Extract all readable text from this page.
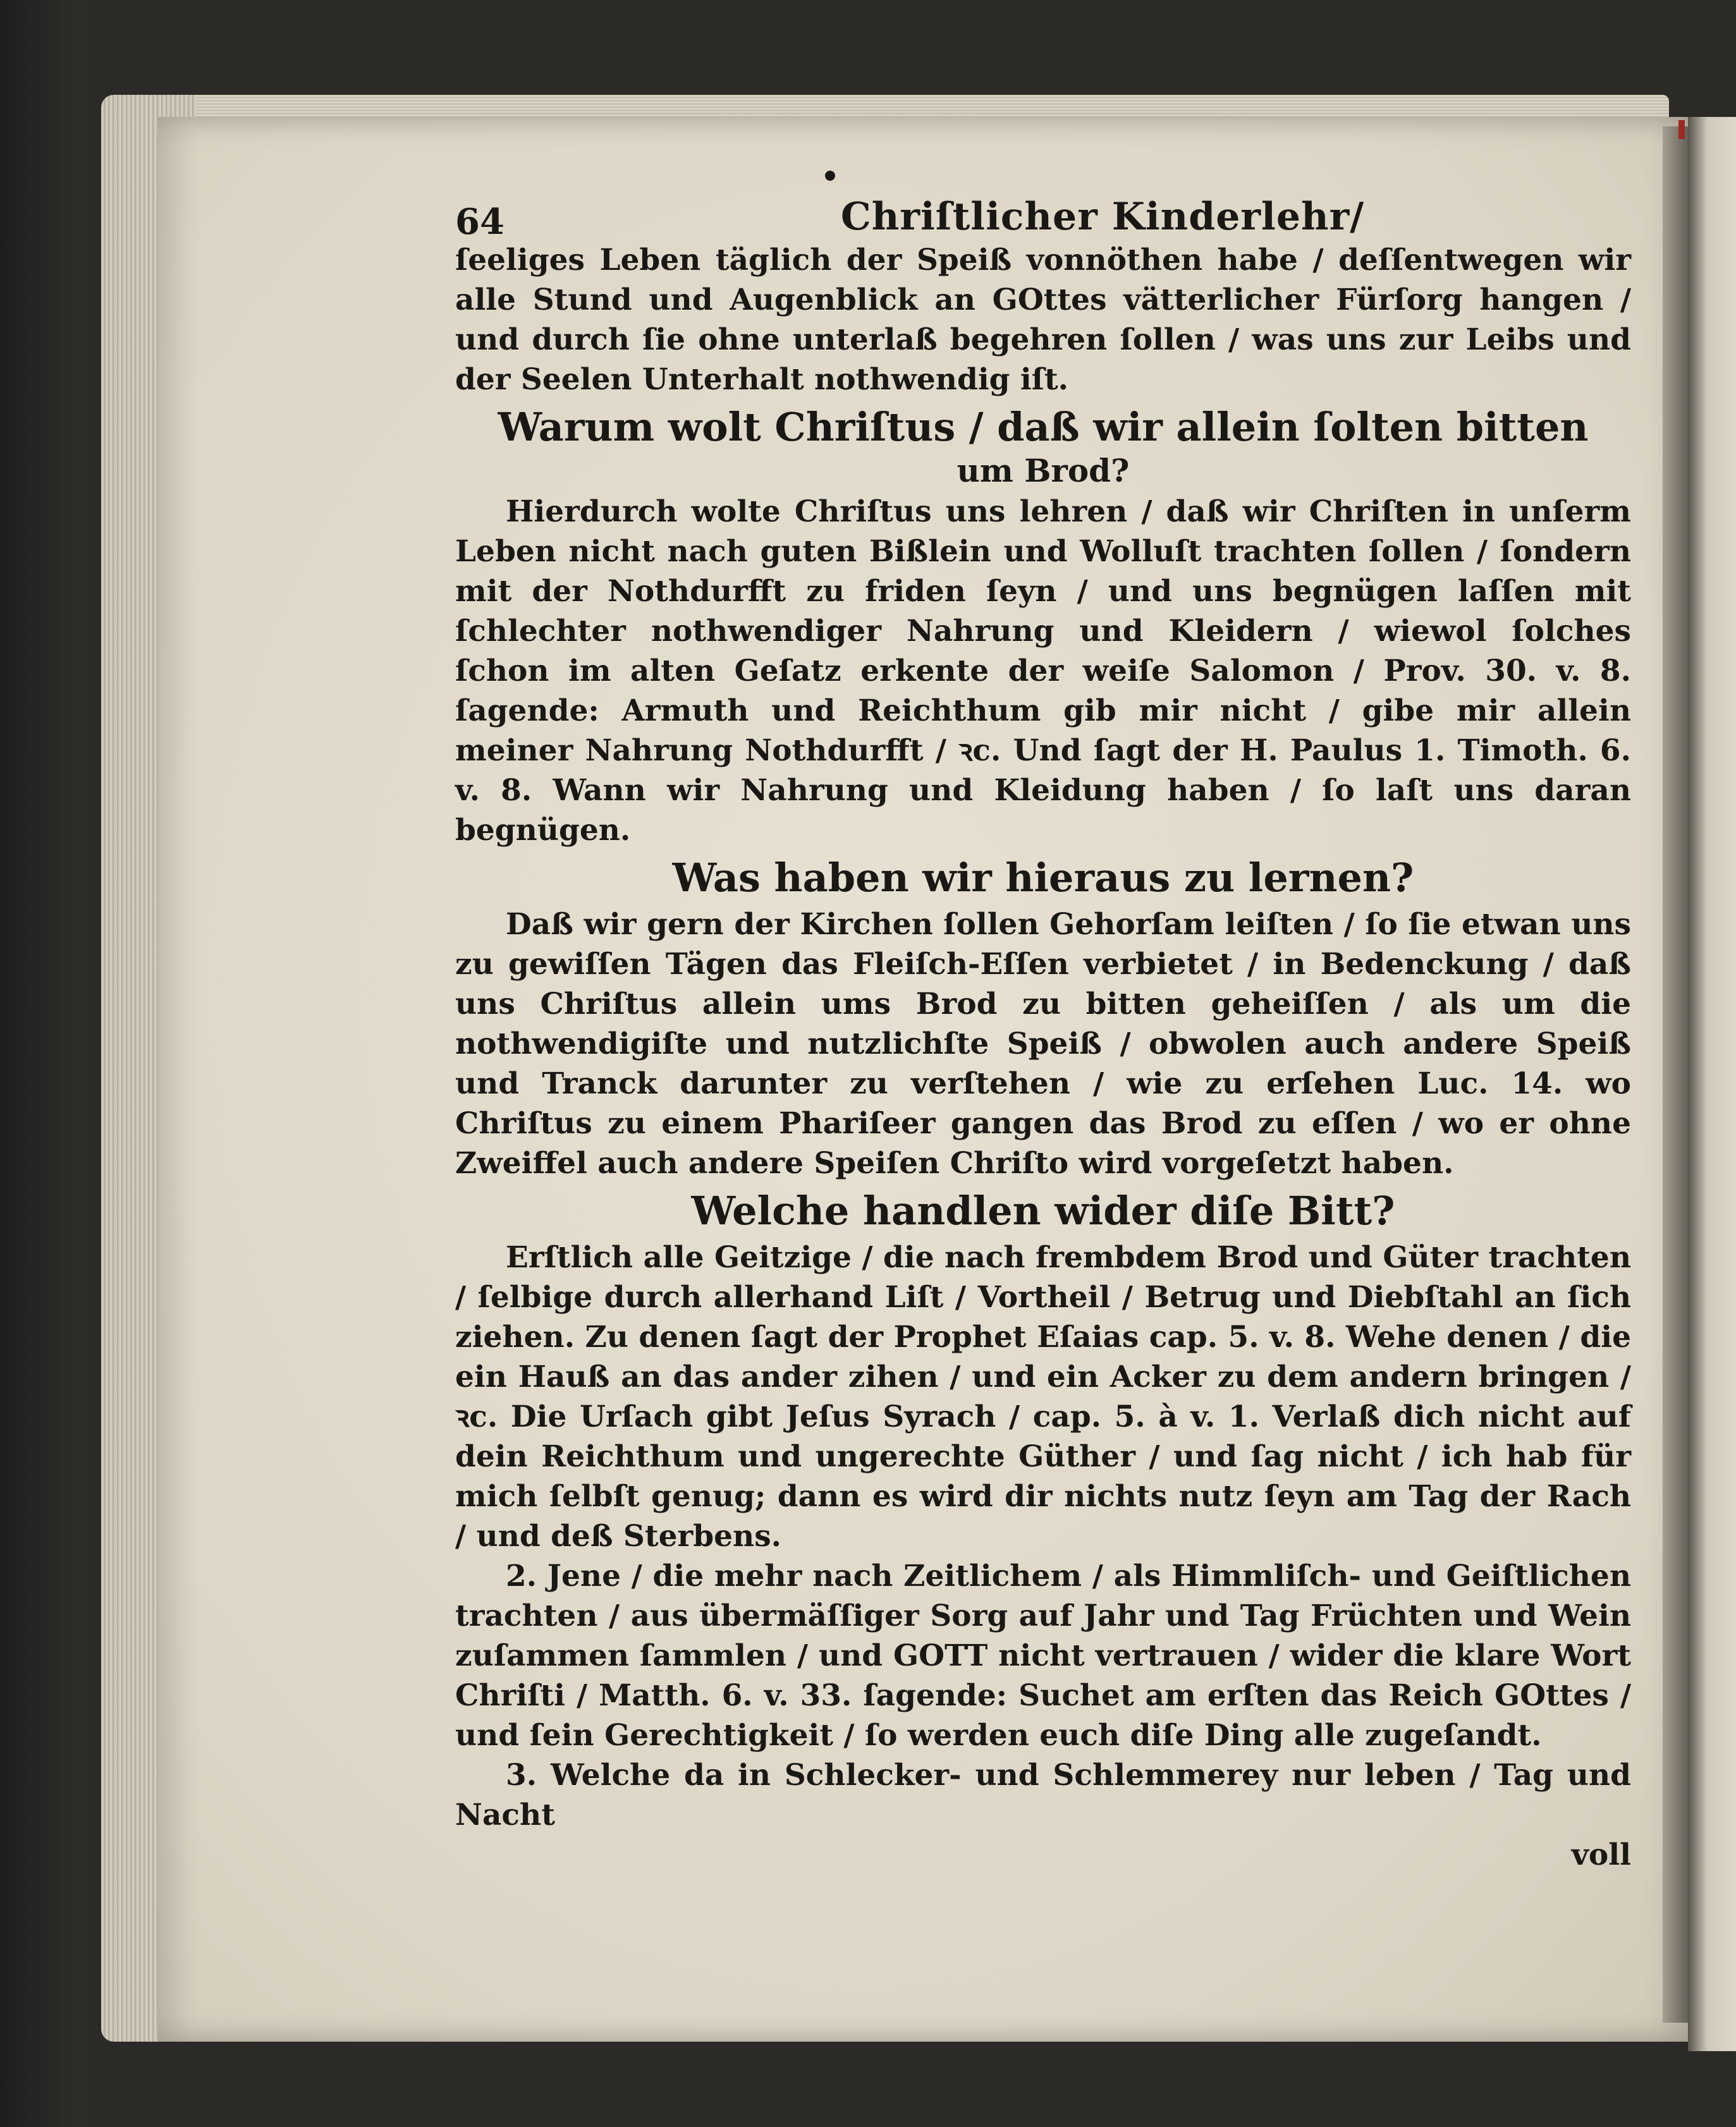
64	Chriſtlicher Kinderlehr/

ſeeliges Leben täglich der Speiß vonnöthen habe / deſſentwegen wir alle Stund und Augenblick an GOttes vätterlicher Fürſorg hangen / und durch ſie ohne unterlaß begehren ſollen / was uns zur Leibs und der Seelen Unterhalt nothwendig iſt.

Warum wolt Chriſtus / daß wir allein ſolten bitten
um Brod?

Hierdurch wolte Chriſtus uns lehren / daß wir Chriſten in unſerm Leben nicht nach guten Bißlein und Wolluſt trachten ſollen / ſondern mit der Nothdurfft zu friden ſeyn / und uns begnügen laſſen mit ſchlechter nothwendiger Nahrung und Kleidern / wiewol ſolches ſchon im alten Geſatz erkente der weiſe Salomon / Prov. 30. v. 8. ſagende: Armuth und Reichthum gib mir nicht / gibe mir allein meiner Nahrung Nothdurfft / ꝛc. Und ſagt der H. Paulus 1. Timoth. 6. v. 8. Wann wir Nahrung und Kleidung haben / ſo laſt uns daran begnügen.

Was haben wir hieraus zu lernen?

Daß wir gern der Kirchen ſollen Gehorſam leiſten / ſo ſie etwan uns zu gewiſſen Tägen das Fleiſch-Eſſen verbietet / in Bedenckung / daß uns Chriſtus allein ums Brod zu bitten geheiſſen / als um die nothwendigiſte und nutzlichſte Speiß / obwolen auch andere Speiß und Tranck darunter zu verſtehen / wie zu erſehen Luc. 14. wo Chriſtus zu einem Phariſeer gangen das Brod zu eſſen / wo er ohne Zweiffel auch andere Speiſen Chriſto wird vorgeſetzt haben.

Welche handlen wider diſe Bitt?

Erſtlich alle Geitzige / die nach frembdem Brod und Güter trachten / ſelbige durch allerhand Liſt / Vortheil / Betrug und Diebſtahl an ſich ziehen. Zu denen ſagt der Prophet Eſaias cap. 5. v. 8. Wehe denen / die ein Hauß an das ander zihen / und ein Acker zu dem andern bringen / ꝛc. Die Urſach gibt Jeſus Syrach / cap. 5. à v. 1. Verlaß dich nicht auf dein Reichthum und ungerechte Güther / und ſag nicht / ich hab für mich ſelbſt genug; dann es wird dir nichts nutz ſeyn am Tag der Rach / und deß Sterbens.

2. Jene / die mehr nach Zeitlichem / als Himmliſch- und Geiſtlichen trachten / aus übermäſſiger Sorg auf Jahr und Tag Früchten und Wein zuſammen ſammlen / und GOTT nicht vertrauen / wider die klare Wort Chriſti / Matth. 6. v. 33. ſagende: Suchet am erſten das Reich GOttes / und ſein Gerechtigkeit / ſo werden euch diſe Ding alle zugeſandt.

3. Welche da in Schlecker- und Schlemmerey nur leben / Tag und Nacht

voll
